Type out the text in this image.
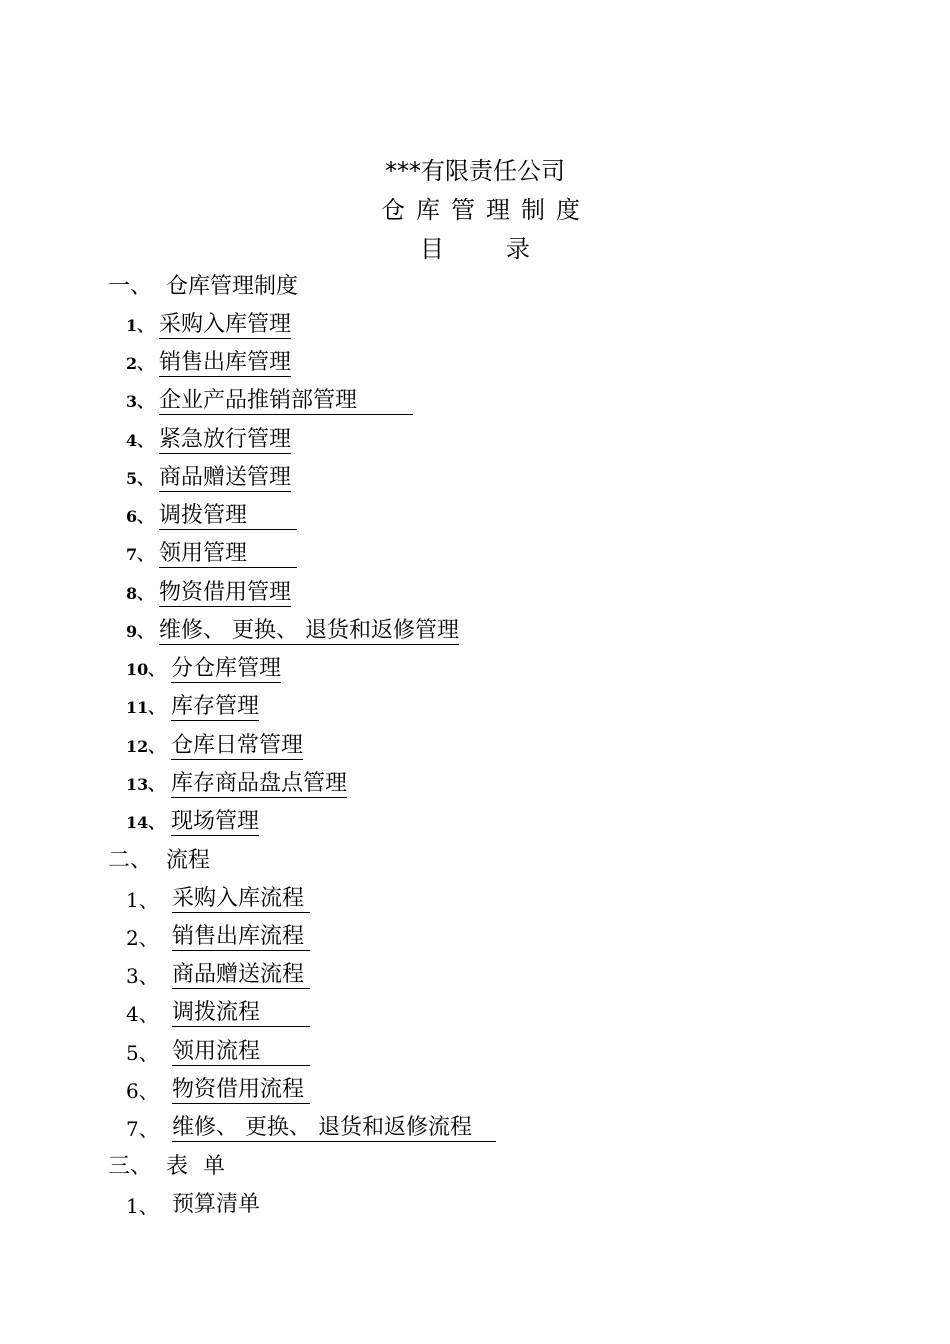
***有限责任公司
仓库管理制度
目	录
一、 仓库管理制度
1、 采购入库管理
2、 销售出库管理
3、 企业产品推销部管理
4、 紧急放行管理
5、 商品赠送管理
6、 调拨管理
7、 领用管理
8、 物资借用管理
9、 维修、 更换、 退货和返修管理
10、 分仓库管理
11、 库存管理
12、 仓库日常管理
13、 库存商品盘点管理
14、 现场管理
二、 流程
1、 采购入库流程
2、 销售出库流程
3、 商品赠送流程
4、 调拨流程
5、 领用流程
6、 物资借用流程
7、 维修、 更换、 退货和返修流程
三、 表 单
1、 预算清单
